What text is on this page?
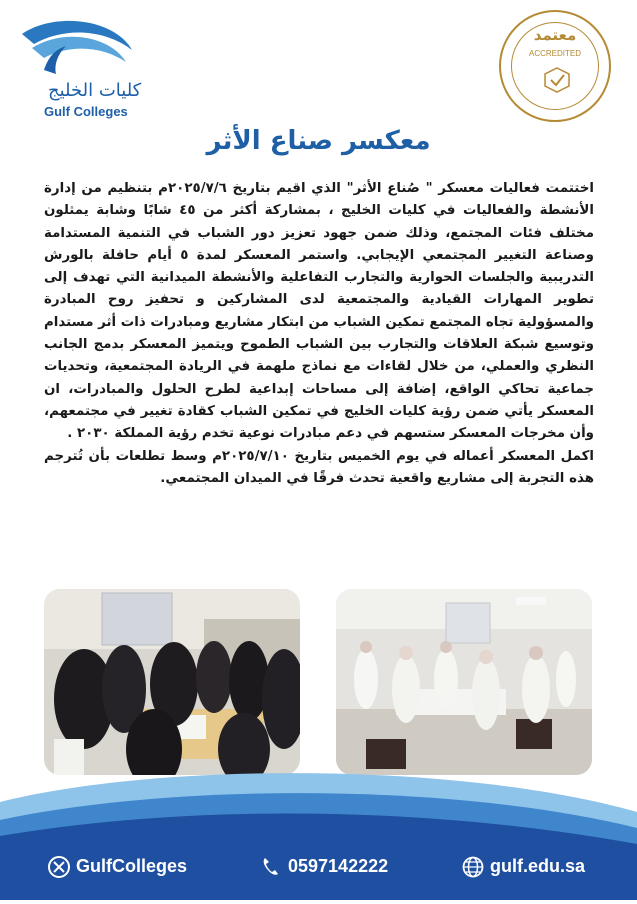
كليات الخليج
Gulf Colleges
معتمد
ACCREDITED
معكسر صناع الأثر

اختتمت فعاليات معسكر " صُناع الأثر" الذي اقيم بتاريخ ٢٠٢٥/٧/٦م بتنظيم من إدارة الأنشطة والفعاليات في كليات الخليج ، بمشاركة أكثر من ٤٥ شابًا وشابة يمثلون مختلف فئات المجتمع، وذلك ضمن جهود تعزيز دور الشباب في التنمية المستدامة وصناعة التغيير المجتمعي الإيجابي. واستمر المعسكر لمدة ٥ أيام حافلة بالورش التدريبية والجلسات الحوارية والتجارب التفاعلية والأنشطة الميدانية التي تهدف إلى تطوير المهارات القيادية والمجتمعية لدى المشاركين و تحفيز روح المبادرة والمسؤولية تجاه المجتمع تمكين الشباب من ابتكار مشاريع ومبادرات ذات أثر مستدام وتوسيع شبكة العلاقات والتجارب بين الشباب الطموح ويتميز المعسكر بدمج الجانب النظري والعملي، من خلال لقاءات مع نماذج ملهمة في الريادة المجتمعية، وتحديات جماعية تحاكي الواقع، إضافة إلى مساحات إبداعية لطرح الحلول والمبادرات، ان المعسكر يأتي ضمن رؤية كليات الخليج في تمكين الشباب كقادة تغيير في مجتمعهم، وأن مخرجات المعسكر ستسهم في دعم مبادرات نوعية تخدم رؤية المملكة ٢٠٣٠ .

اكمل المعسكر أعماله في يوم الخميس بتاريخ ٢٠٢٥/٧/١٠م وسط تطلعات بأن تُترجم هذه التجربة إلى مشاريع واقعية تحدث فرقًا في الميدان المجتمعي.

GulfColleges	0597142222	gulf.edu.sa
